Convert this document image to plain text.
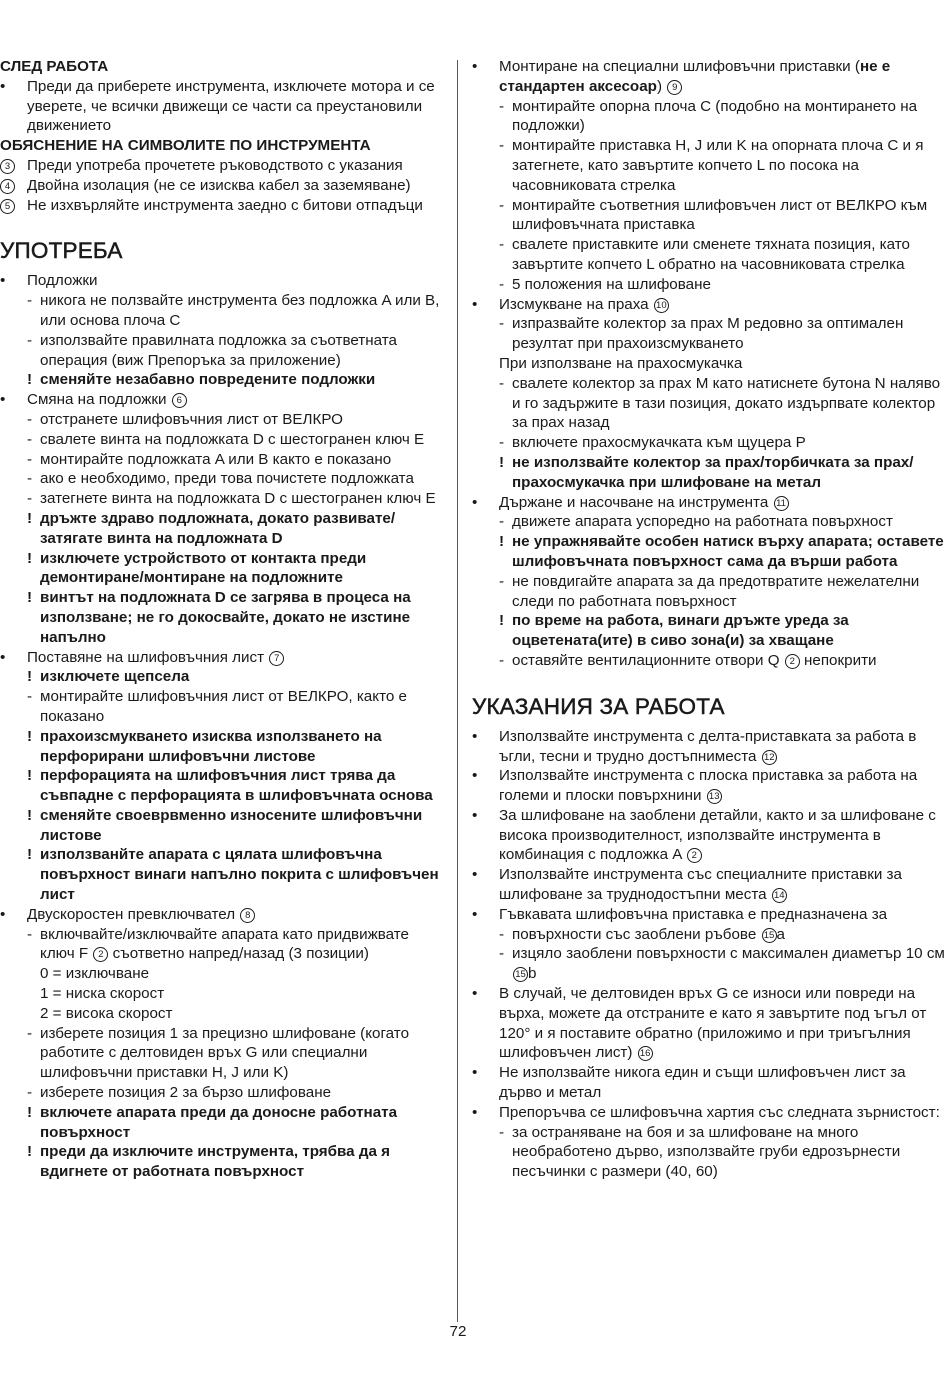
СЛЕД РАБОТА
•	Преди да приберете инструмента, изключете мотора и се уверете, че всички движещи се части са преустановили движението
ОБЯСНЕНИЕ НА СИМВОЛИТЕ ПО ИНСТРУМЕНТА
3	Преди употреба прочетете ръководството с указания
4	Двойна изолация (не се изисква кабел за заземяване)
5	Не изхвърляйте инструмента заедно с битови отпадъци
УПОТРЕБА
•	Подложки
- никога не ползвайте инструмента без подложка A или B, или основа плоча C
- използвайте правилната подложка за съответната операция (виж Препоръка за приложение)
! сменяйте незабавно повредените подложки
•	Смяна на подложки 6
- отстранете шлифовъчния лист от ВЕЛКРО
- свалете винта на подложката D с шестогранен ключ E
- монтирайте подложката A или B както е показано
- ако е необходимо, преди това почистете подложката
- затегнете винта на подложката D с шестогранен ключ E
! дръжте здраво подложната, докато развивате/затягате винта на подложната D
! изключете устройството от контакта преди демонтиране/монтиране на подложните
! винтът на подложната D се загрява в процеса на използване; не го докосвайте, докато не изстине напълно
•	Поставяне на шлифовъчния лист 7
! изключете щепсела
- монтирайте шлифовъчния лист от ВЕЛКРО, както е показано
! прахоизсмукването изисква използването на перфорирани шлифовъчни листове
! перфорацията на шлифовъчния лист трява да съвпадне с перфорацията в шлифовъчната основа
! сменяйте своеврвменно износените шлифовъчни листове
! използванйте апарата с цялата шлифовъчна повърхност винаги напълно покрита с шлифовъчен лист
•	Двускоростен превключвател 8
- включвайте/изключвайте апарата като придвижвате ключ F 2 съответно напред/назад (3 позиции)
0 = изключване
1 = ниска скорост
2 = висока скорост
- изберете позиция 1 за прецизно шлифоване (когато работите с делтовиден връх G или специални шлифовъчни приставки H, J или K)
- изберете позиция 2 за бързо шлифоване
! включете апарата преди да доносне работната повърхност
! преди да изключите инструмента, трябва да я вдигнете от работната повърхност
•	Монтиране на специални шлифовъчни приставки (не е стандартен аксесоар) 9
- монтирайте опорна плоча C (подобно на монтирането на подложки)
- монтирайте приставка H, J или K на опорната плоча C и я затегнете, като завъртите копчето L по посока на часовниковата стрелка
- монтирайте съответния шлифовъчен лист от ВЕЛКРО към шлифовъчната приставка
- свалете приставките или сменете тяхната позиция, като завъртите копчето L обратно на часовниковата стрелка
- 5 положения на шлифоване
•	Изсмукване на праха 10
- изпразвайте колектор за прах M редовно за оптимален резултат при прахоизсмукването
При използване на прахосмукачка
- свалете колектор за прах M като натиснете бутона N наляво и го задържите в тази позиция, докато издърпвате колектор за прах назад
- включете прахосмукачката към щуцера P
! не използвайте колектор за прах/торбичката за прах/прахосмукачка при шлифоване на метал
•	Държане и насочване на инструмента 11
- движете апарата успоредно на работната повърхност
! не упражнявайте особен натиск върху апарата; оставете шлифовъчната повърхност сама да върши работа
- не повдигайте апарата за да предотвратите нежелателни следи по работната повърхност
! по време на работа, винаги дръжте уреда за оцветената(ите) в сиво зона(и) за хващане
- оставяйте вентилационните отвори Q 2 непокрити
УКАЗАНИЯ ЗА РАБОТА
•	Използвайте инструмента с делта-приставката за работа в ъгли, тесни и трудно достъпниместа 12
•	Използвайте инструмента с плоска приставка за работа на големи и плоски повърхнини 13
•	За шлифоване на заоблени детайли, както и за шлифоване с висока производителност, използвайте инструмента в комбинация с подложка A 2
•	Използвайте инструмента със специалните приставки за шлифоване за труднодостъпни места 14
•	Гъвкавата шлифовъчна приставка е предназначена за
- повърхности със заоблени ръбове 15 a
- изцяло заоблени повърхности с максимален диаметър 10 см 15 b
•	В случай, че делтовиден връх G се износи или повреди на върха, можете да отстраните е като я завъртите под ъгъл от 120° и я поставите обратно (приложимо и при триъгълния шлифовъчен лист) 16
•	Не използвайте никога един и същи шлифовъчен лист за дърво и метал
•	Препоръчва се шлифовъчна хартия със следната зърнистост:
- за остраняване на боя и за шлифоване на много необработено дърво, използвайте груби едрозърнести песъчинки с размери (40, 60)
72
